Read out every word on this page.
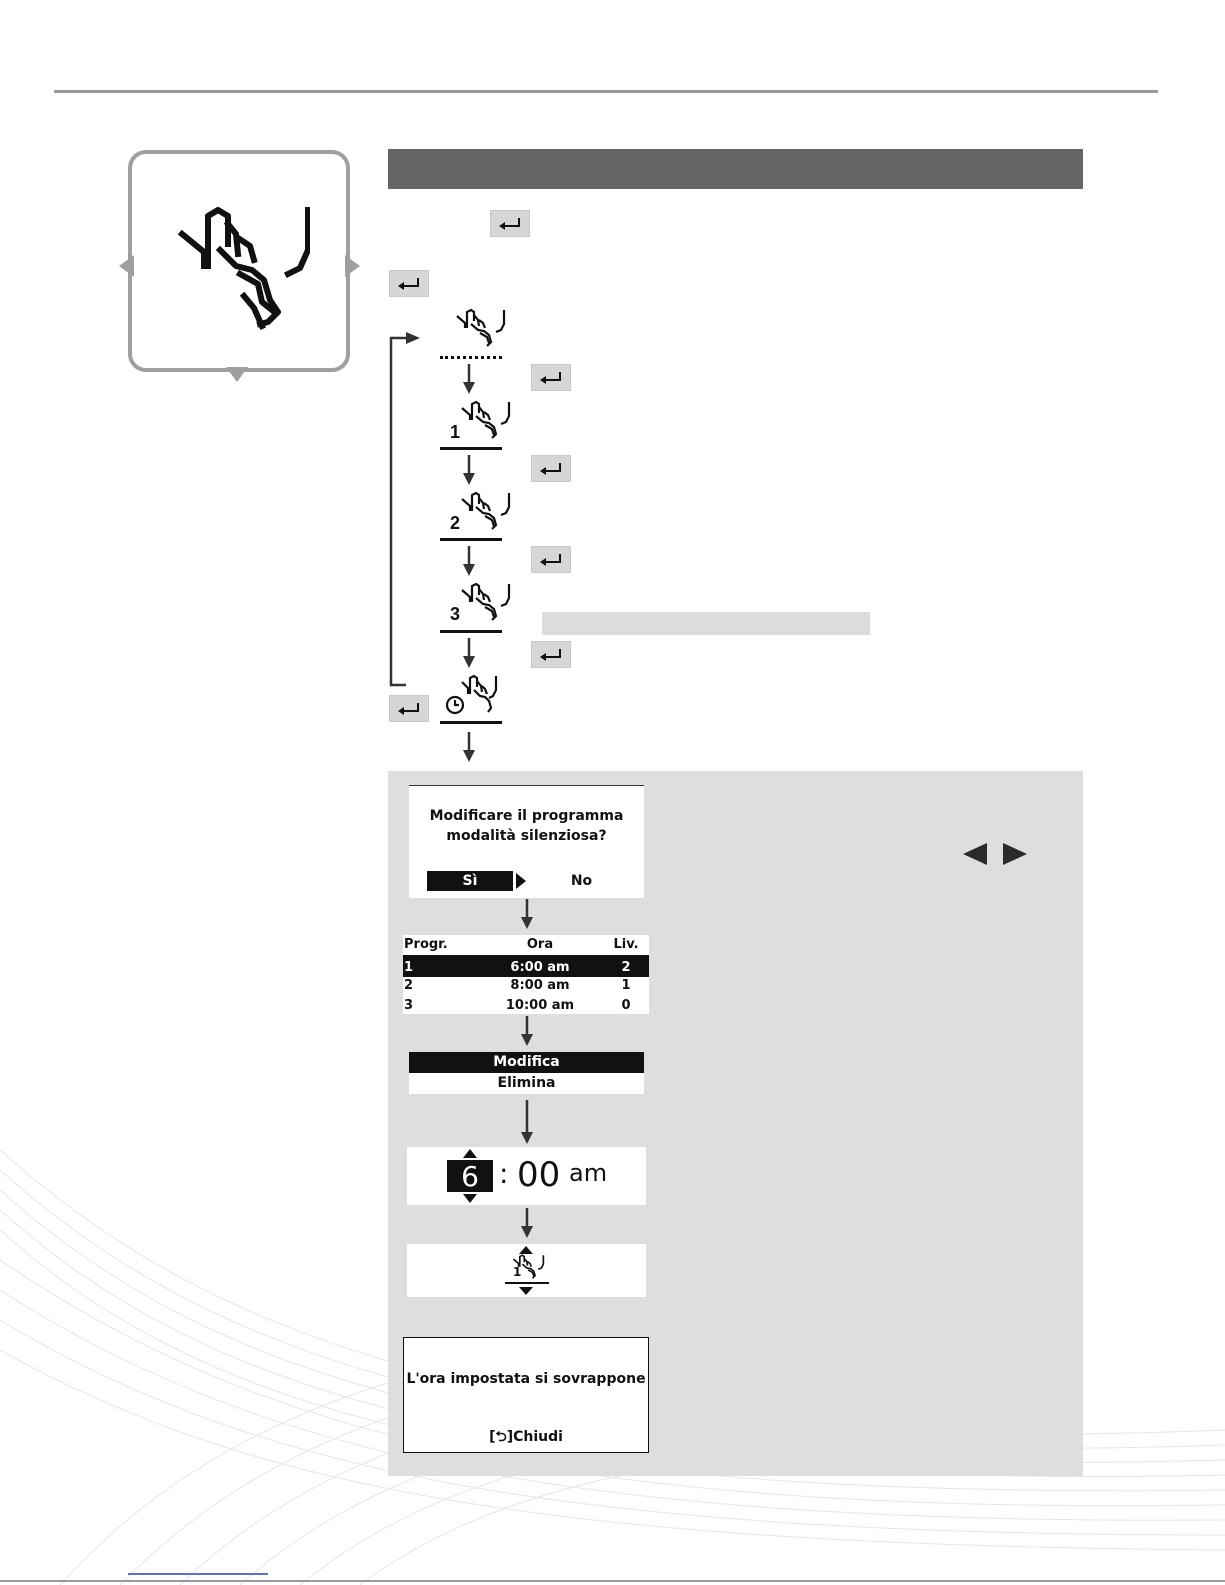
1
2
3
Modificare il programma
modalità silenziosa?
Sì	No
Progr.	Ora	Liv.
1	6:00 am	2
2	8:00 am	1
3	10:00 am	0
Modifica
Elimina
6 : 00 am
1
L'ora impostata si sovrappone
[⮌]Chiudi
